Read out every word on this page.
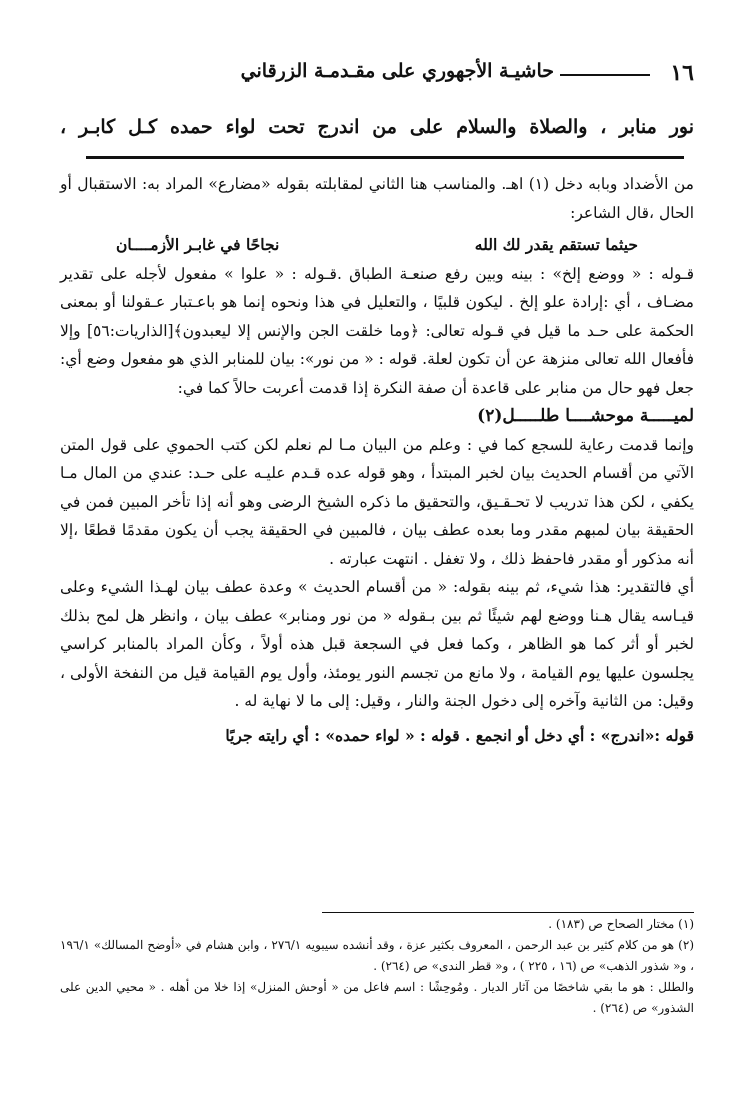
١٦
حاشيـة الأجهوري على مقـدمـة الزرقاني
نور منابر ، والصلاة والسلام على من اندرج تحت لواء حمده كـل كابـر ،

من الأضداد وبابه دخل (١) اهـ. والمناسب هنا الثاني لمقابلته بقوله «مضارع» المراد به: الاستقبال أو الحال ،قال الشاعر:

حيثما تستقم يقدر لك الله
نجاحًا في غابـر الأزمــــان

قـوله : « ووضع إلخ» : بينه وبين رفع صنعـة الطباق .قـوله : « علوا » مفعول لأجله على تقدير مضـاف ، أي :إرادة علو إلخ . ليكون قلبيًا ، والتعليل في هذا ونحوه إنما هو باعـتبار عـقولنا أو بمعنى الحكمة على حـد ما قيل في قـوله تعالى: ﴿وما خلقت الجن والإنس إلا ليعبدون﴾[الذاريات:٥٦] وإلا فأفعال الله تعالى منزهة عن أن تكون لعلة. قوله : « من نور»: بيان للمنابر الذي هو مفعول وضع أي: جعل فهو حال من منابر على قاعدة أن صفة النكرة إذا قدمت أعربت حالاً كما في:

لميـــــة موحشــــا طلـــــل(٢)

وإنما قدمت رعاية للسجع كما في : وعلم من البيان مـا لم نعلم لكن كتب الحموي على قول المتن الآتي من أقسام الحديث بيان لخبر المبتدأ ، وهو قوله عده قـدم عليـه على حـد: عندي من المال مـا يكفي ، لكن هذا تدريب لا تحـقـيق، والتحقيق ما ذكره الشيخ الرضى وهو أنه إذا تأخر المبين فمن في الحقيقة بيان لمبهم مقدر وما بعده عطف بيان ، فالمبين في الحقيقة يجب أن يكون مقدمًا قطعًا ،إلا أنه مذكور أو مقدر فاحفظ ذلك ، ولا تغفل . انتهت عبارته .

أي فالتقدير: هذا شيء، ثم بينه بقوله: « من أقسام الحديث » وعدة عطف بيان لهـذا الشيء وعلى قيـاسه يقال هـنا ووضع لهم شيئًا ثم بين بـقوله « من نور ومنابر» عطف بيان ، وانظر هل لمح بذلك لخبر أو أثر كما هو الظاهر ، وكما فعل في السجعة قبل هذه أولاً ، وكأن المراد بالمنابر كراسي يجلسون عليها يوم القيامة ، ولا مانع من تجسم النور يومئذ، وأول يوم القيامة قيل من النفخة الأولى ، وقيل: من الثانية وآخره إلى دخول الجنة والنار ، وقيل: إلى ما لا نهاية له .

قوله :«اندرج» : أي دخل أو انجمع . قوله : « لواء حمده» : أي رايته جريًا

(١) مختار الصحاح ص (١٨٣) .

(٢) هو من كلام كثير بن عبد الرحمن ، المعروف بكثير عزة ، وقد أنشده سيبويه ٢٧٦/١ ، وابن هشام في «أوضح المسالك» ١٩٦/١ ، و« شذور الذهب» ص (١٦ ، ٢٢٥ ) ، و« قطر الندى» ص (٢٦٤) .

والطلل : هو ما بقي شاخصًا من آثار الديار . ومُوحِشًا : اسم فاعل من « أوحش المنزل» إذا خلا من أهله . « محيي الدين على الشذور» ص (٢٦٤) .
